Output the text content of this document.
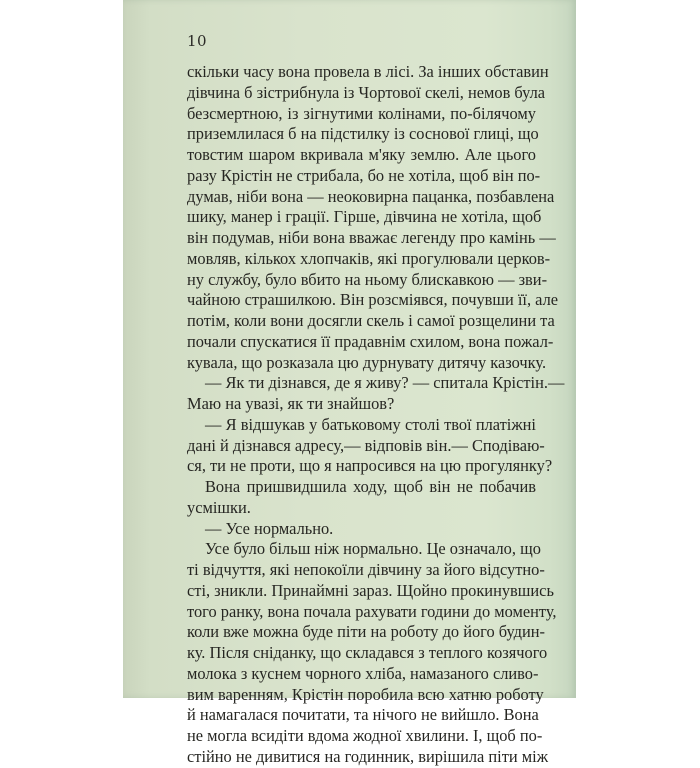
10
скільки часу вона провела в лісі. За інших обставин
дівчина б зістрибнула із Чортової скелі, немов була
безсмертною, із зігнутими колінами, по-білячому
приземлилася б на підстилку із соснової глиці, що
товстим шаром вкривала м'яку землю. Але цього
разу Крістін не стрибала, бо не хотіла, щоб він по-
думав, ніби вона — неоковирна пацанка, позбавлена
шику, манер і грації. Гірше, дівчина не хотіла, щоб
він подумав, ніби вона вважає легенду про камінь —
мовляв, кількох хлопчаків, які прогулювали церков-
ну службу, було вбито на ньому блискавкою — зви-
чайною страшилкою. Він розсміявся, почувши її, але
потім, коли вони досягли скель і самої розщелини та
почали спускатися її прадавнім схилом, вона пожал-
кувала, що розказала цю дурнувату дитячу казочку.
— Як ти дізнався, де я живу? — спитала Крістін.—
Маю на увазі, як ти знайшов?
— Я відшукав у батьковому столі твої платіжні
дані й дізнався адресу,— відповів він.— Сподіваю-
ся, ти не проти, що я напросився на цю прогулянку?
Вона пришвидшила ходу, щоб він не побачив
усмішки.
— Усе нормально.
Усе було більш ніж нормально. Це означало, що
ті відчуття, які непокоїли дівчину за його відсутно-
сті, зникли. Принаймні зараз. Щойно прокинувшись
того ранку, вона почала рахувати години до моменту,
коли вже можна буде піти на роботу до його будин-
ку. Після сніданку, що складався з теплого козячого
молока з куснем чорного хліба, намазаного сливо-
вим варенням, Крістін поробила всю хатню роботу
й намагалася почитати, та нічого не вийшло. Вона
не могла всидіти вдома жодної хвилини. І, щоб по-
стійно не дивитися на годинник, вирішила піти між
